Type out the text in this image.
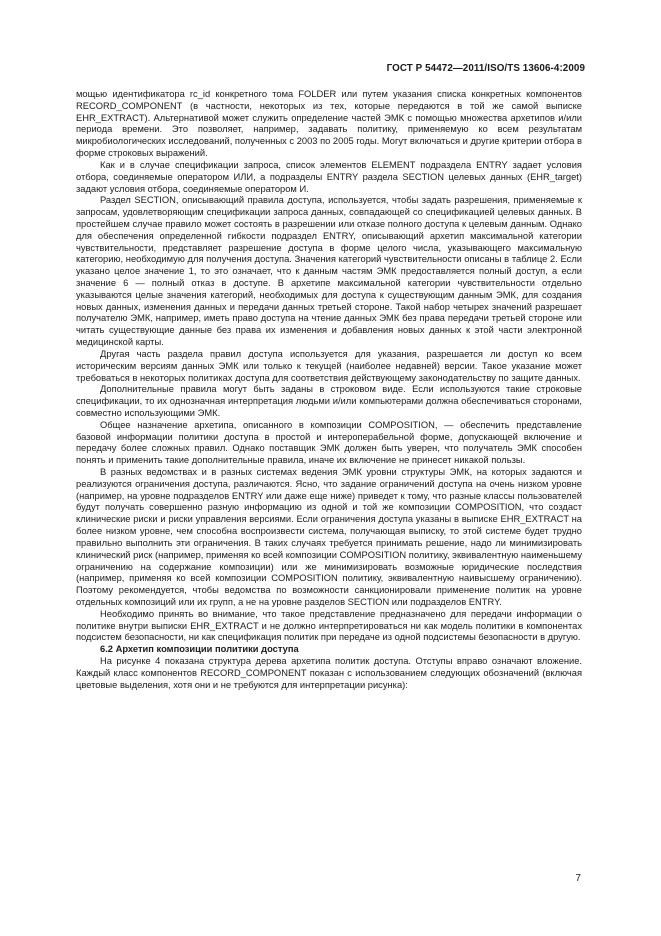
ГОСТ Р 54472—2011/ISO/TS 13606-4:2009

мощью идентификатора rc_id конкретного тома FOLDER или путем указания списка конкретных компонентов RECORD_COMPONENT (в частности, некоторых из тех, которые передаются в той же самой выписке EHR_EXTRACT). Альтернативой может служить определение частей ЭМК с помощью множества архетипов и/или периода времени. Это позволяет, например, задавать политику, применяемую ко всем результатам микробиологических исследований, полученных с 2003 по 2005 годы. Могут включаться и другие критерии отбора в форме строковых выражений.

Как и в случае спецификации запроса, список элементов ELEMENT подраздела ENTRY задает условия отбора, соединяемые оператором ИЛИ, а подразделы ENTRY раздела SECTION целевых данных (EHR_target) задают условия отбора, соединяемые оператором И.

Раздел SECTION, описывающий правила доступа, используется, чтобы задать разрешения, применяемые к запросам, удовлетворяющим спецификации запроса данных, совпадающей со спецификацией целевых данных. В простейшем случае правило может состоять в разрешении или отказе полного доступа к целевым данным. Однако для обеспечения определенной гибкости подраздел ENTRY, описывающий архетип максимальной категории чувствительности, представляет разрешение доступа в форме целого числа, указывающего максимальную категорию, необходимую для получения доступа. Значения категорий чувствительности описаны в таблице 2. Если указано целое значение 1, то это означает, что к данным частям ЭМК предоставляется полный доступ, а если значение 6 — полный отказ в доступе. В архетипе максимальной категории чувствительности отдельно указываются целые значения категорий, необходимых для доступа к существующим данным ЭМК, для создания новых данных, изменения данных и передачи данных третьей стороне. Такой набор четырех значений разрешает получателю ЭМК, например, иметь право доступа на чтение данных ЭМК без права передачи третьей стороне или читать существующие данные без права их изменения и добавления новых данных к этой части электронной медицинской карты.

Другая часть раздела правил доступа используется для указания, разрешается ли доступ ко всем историческим версиям данных ЭМК или только к текущей (наиболее недавней) версии. Такое указание может требоваться в некоторых политиках доступа для соответствия действующему законодательству по защите данных.

Дополнительные правила могут быть заданы в строковом виде. Если используются такие строковые спецификации, то их однозначная интерпретация людьми и/или компьютерами должна обеспечиваться сторонами, совместно использующими ЭМК.

Общее назначение архетипа, описанного в композиции COMPOSITION, — обеспечить представление базовой информации политики доступа в простой и интероперабельной форме, допускающей включение и передачу более сложных правил. Однако поставщик ЭМК должен быть уверен, что получатель ЭМК способен понять и применить такие дополнительные правила, иначе их включение не принесет никакой пользы.

В разных ведомствах и в разных системах ведения ЭМК уровни структуры ЭМК, на которых задаются и реализуются ограничения доступа, различаются. Ясно, что задание ограничений доступа на очень низком уровне (например, на уровне подразделов ENTRY или даже еще ниже) приведет к тому, что разные классы пользователей будут получать совершенно разную информацию из одной и той же композиции COMPOSITION, что создаст клинические риски и риски управления версиями. Если ограничения доступа указаны в выписке EHR_EXTRACT на более низком уровне, чем способна воспроизвести система, получающая выписку, то этой системе будет трудно правильно выполнить эти ограничения. В таких случаях требуется принимать решение, надо ли минимизировать клинический риск (например, применяя ко всей композиции COMPOSITION политику, эквивалентную наименьшему ограничению на содержание композиции) или же минимизировать возможные юридические последствия (например, применяя ко всей композиции COMPOSITION политику, эквивалентную наивысшему ограничению). Поэтому рекомендуется, чтобы ведомства по возможности санкционировали применение политик на уровне отдельных композиций или их групп, а не на уровне разделов SECTION или подразделов ENTRY.

Необходимо принять во внимание, что такое представление предназначено для передачи информации о политике внутри выписки EHR_EXTRACT и не должно интерпретироваться ни как модель политики в компонентах подсистем безопасности, ни как спецификация политик при передаче из одной подсистемы безопасности в другую.

6.2 Архетип композиции политики доступа

На рисунке 4 показана структура дерева архетипа политик доступа. Отступы вправо означают вложение. Каждый класс компонентов RECORD_COMPONENT показан с использованием следующих обозначений (включая цветовые выделения, хотя они и не требуются для интерпретации рисунка):

7
